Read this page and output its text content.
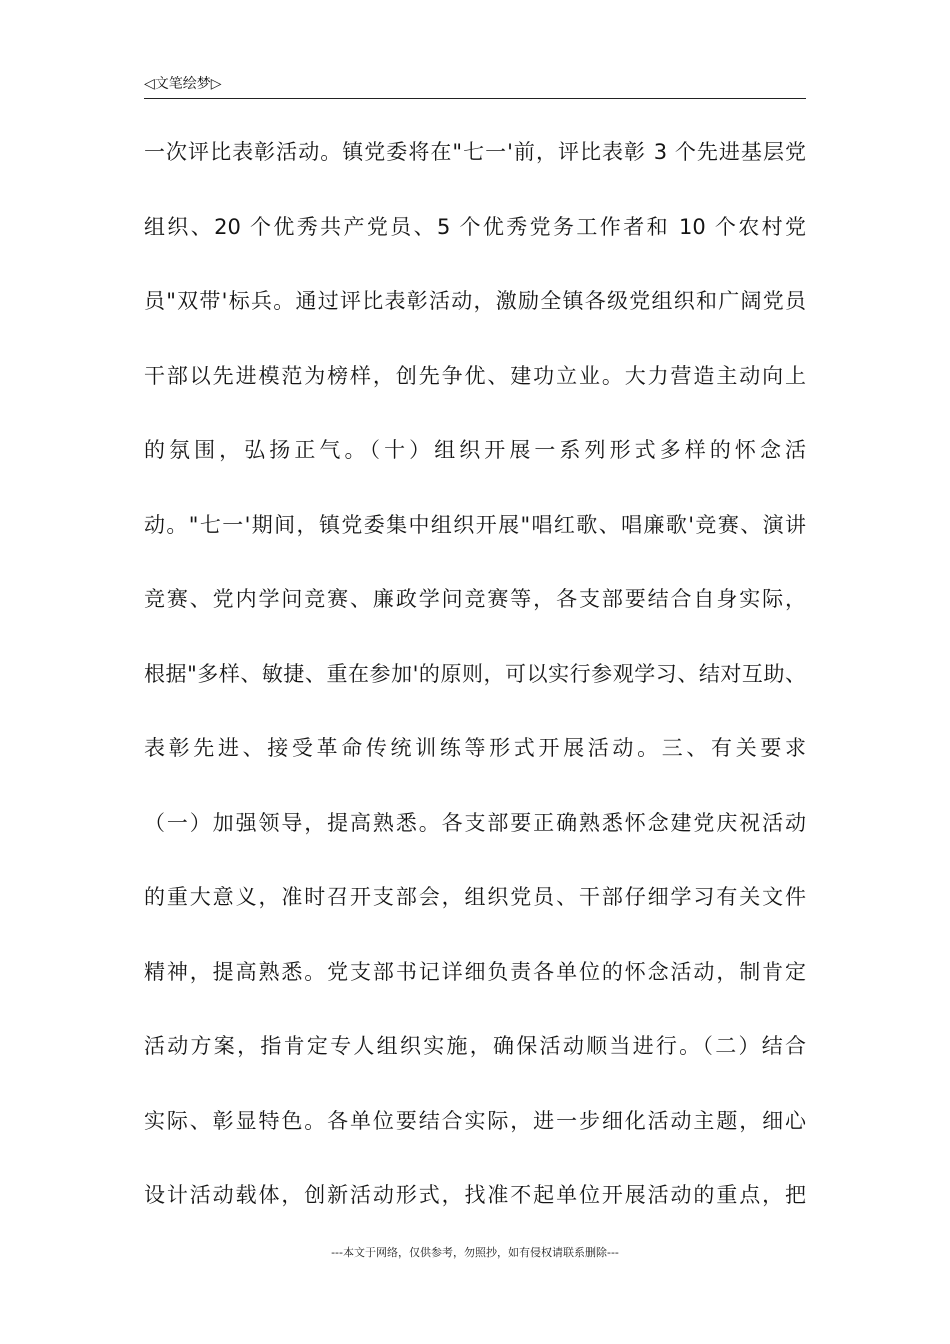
◁文笔绘梦▷
一次评比表彰活动。镇党委将在"七一'前，评比表彰 3 个先进基层党
组织、20 个优秀共产党员、5 个优秀党务工作者和 10 个农村党
员"双带'标兵。通过评比表彰活动，激励全镇各级党组织和广阔党员
干部以先进模范为榜样，创先争优、建功立业。大力营造主动向上
的氛围，弘扬正气。（十）组织开展一系列形式多样的怀念活
动。"七一'期间，镇党委集中组织开展"唱红歌、唱廉歌'竞赛、演讲
竞赛、党内学问竞赛、廉政学问竞赛等，各支部要结合自身实际，
根据"多样、敏捷、重在参加'的原则，可以实行参观学习、结对互助、
表彰先进、接受革命传统训练等形式开展活动。三、有关要求
（一）加强领导，提高熟悉。各支部要正确熟悉怀念建党庆祝活动
的重大意义，准时召开支部会，组织党员、干部仔细学习有关文件
精神，提高熟悉。党支部书记详细负责各单位的怀念活动，制肯定
活动方案，指肯定专人组织实施，确保活动顺当进行。（二）结合
实际、彰显特色。各单位要结合实际，进一步细化活动主题，细心
设计活动载体，创新活动形式，找准不起单位开展活动的重点，把
---本文于网络，仅供参考，勿照抄，如有侵权请联系删除---
